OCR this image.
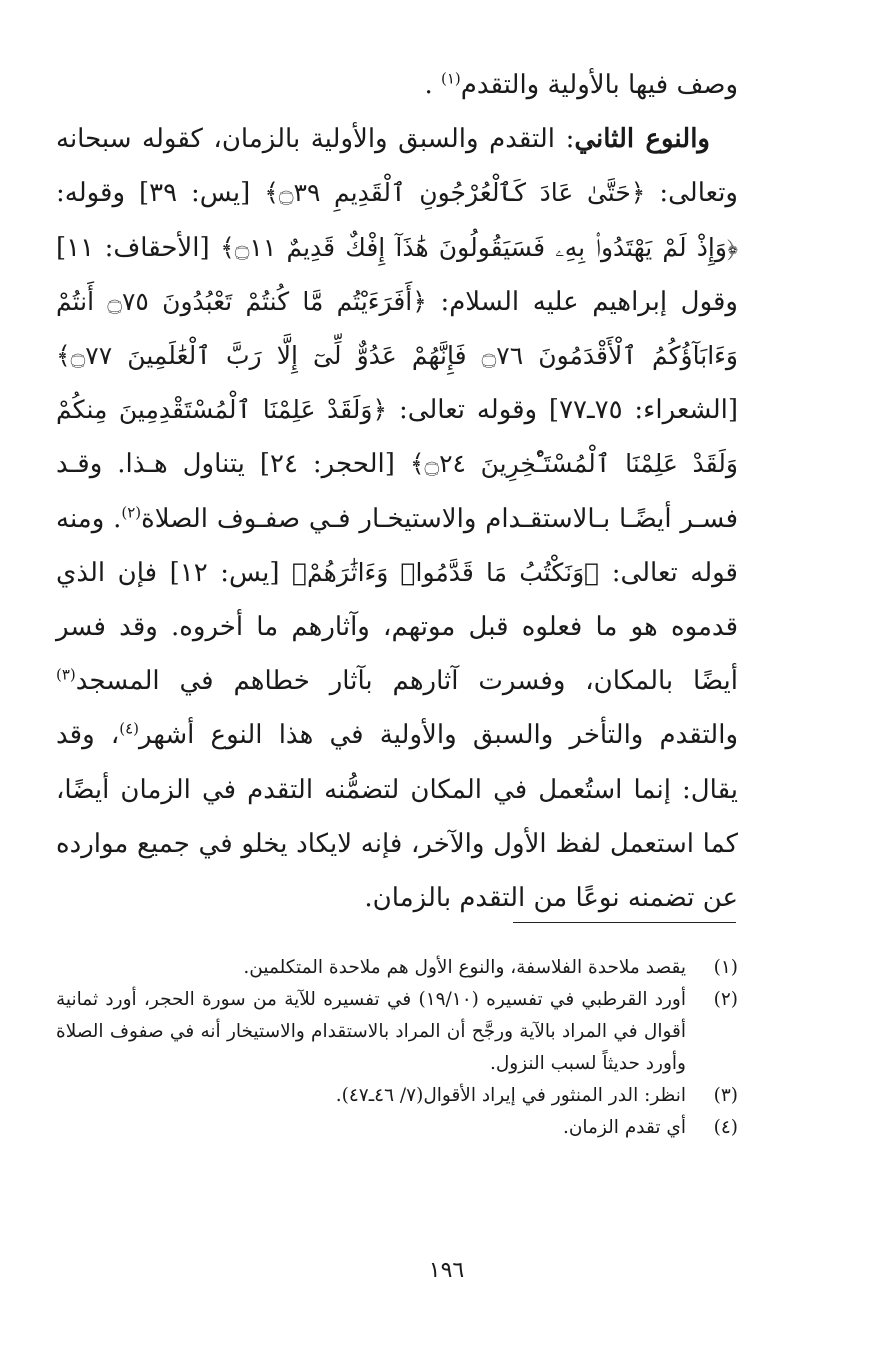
وصف فيها بالأولية والتقدم$^{(١)}$ .

والنوع الثاني: التقدم والسبق والأولية بالزمان، كقوله سبحانه وتعالى: ﴿حَتَّىٰ عَادَ كَٱلْعُرْجُونِ ٱلْقَدِيمِ ۝٣٩﴾ [يس: ٣٩] وقوله: ﴿وَإِذْ لَمْ يَهْتَدُوا۟ بِهِۦ فَسَيَقُولُونَ هَٰذَآ إِفْكٌ قَدِيمٌ ۝١١﴾ [الأحقاف: ١١] وقول إبراهيم عليه السلام: ﴿أَفَرَءَيْتُم مَّا كُنتُمْ تَعْبُدُونَ ۝٧٥ أَنتُمْ وَءَابَآؤُكُمُ ٱلْأَقْدَمُونَ ۝٧٦ فَإِنَّهُمْ عَدُوٌّ لِّىٓ إِلَّا رَبَّ ٱلْعَٰلَمِينَ ۝٧٧﴾ [الشعراء: ٧٥ـ٧٧] وقوله تعالى: ﴿وَلَقَدْ عَلِمْنَا ٱلْمُسْتَقْدِمِينَ مِنكُمْ وَلَقَدْ عَلِمْنَا ٱلْمُسْتَـْٔخِرِينَ ۝٢٤﴾ [الحجر: ٢٤] يتناول هـذا. وقـد فسـر أيضًـا بـالاستقـدام والاستيخـار فـي صفـوف الصلاة$^{(٢)}$. ومنه قوله تعالى: ﴿وَنَكْتُبُ مَا قَدَّمُوا۟ وَءَاثَٰرَهُمْ﴾ [يس: ١٢] فإن الذي قدموه هو ما فعلوه قبل موتهم، وآثارهم ما أخروه. وقد فسر أيضًا بالمكان، وفسرت آثارهم بآثار خطاهم في المسجد$^{(٣)}$ والتقدم والتأخر والسبق والأولية في هذا النوع أشهر$^{(٤)}$، وقد يقال: إنما استُعمل في المكان لتضمُّنه التقدم في الزمان أيضًا، كما استعمل لفظ الأول والآخر، فإنه لايكاد يخلو في جميع موارده عن تضمنه نوعًا من التقدم بالزمان.

(١)
يقصد ملاحدة الفلاسفة، والنوع الأول هم ملاحدة المتكلمين.
(٢)
أورد القرطبي في تفسيره (١٩/١٠) في تفسيره للآية من سورة الحجر، أورد ثمانية أقوال في المراد بالآية ورجَّح أن المراد بالاستقدام والاستيخار أنه في صفوف الصلاة وأورد حديثاً لسبب النزول.
(٣)
انظر: الدر المنثور في إيراد الأقوال(٧/ ٤٦ـ٤٧).
(٤)
أي تقدم الزمان.
١٩٦
